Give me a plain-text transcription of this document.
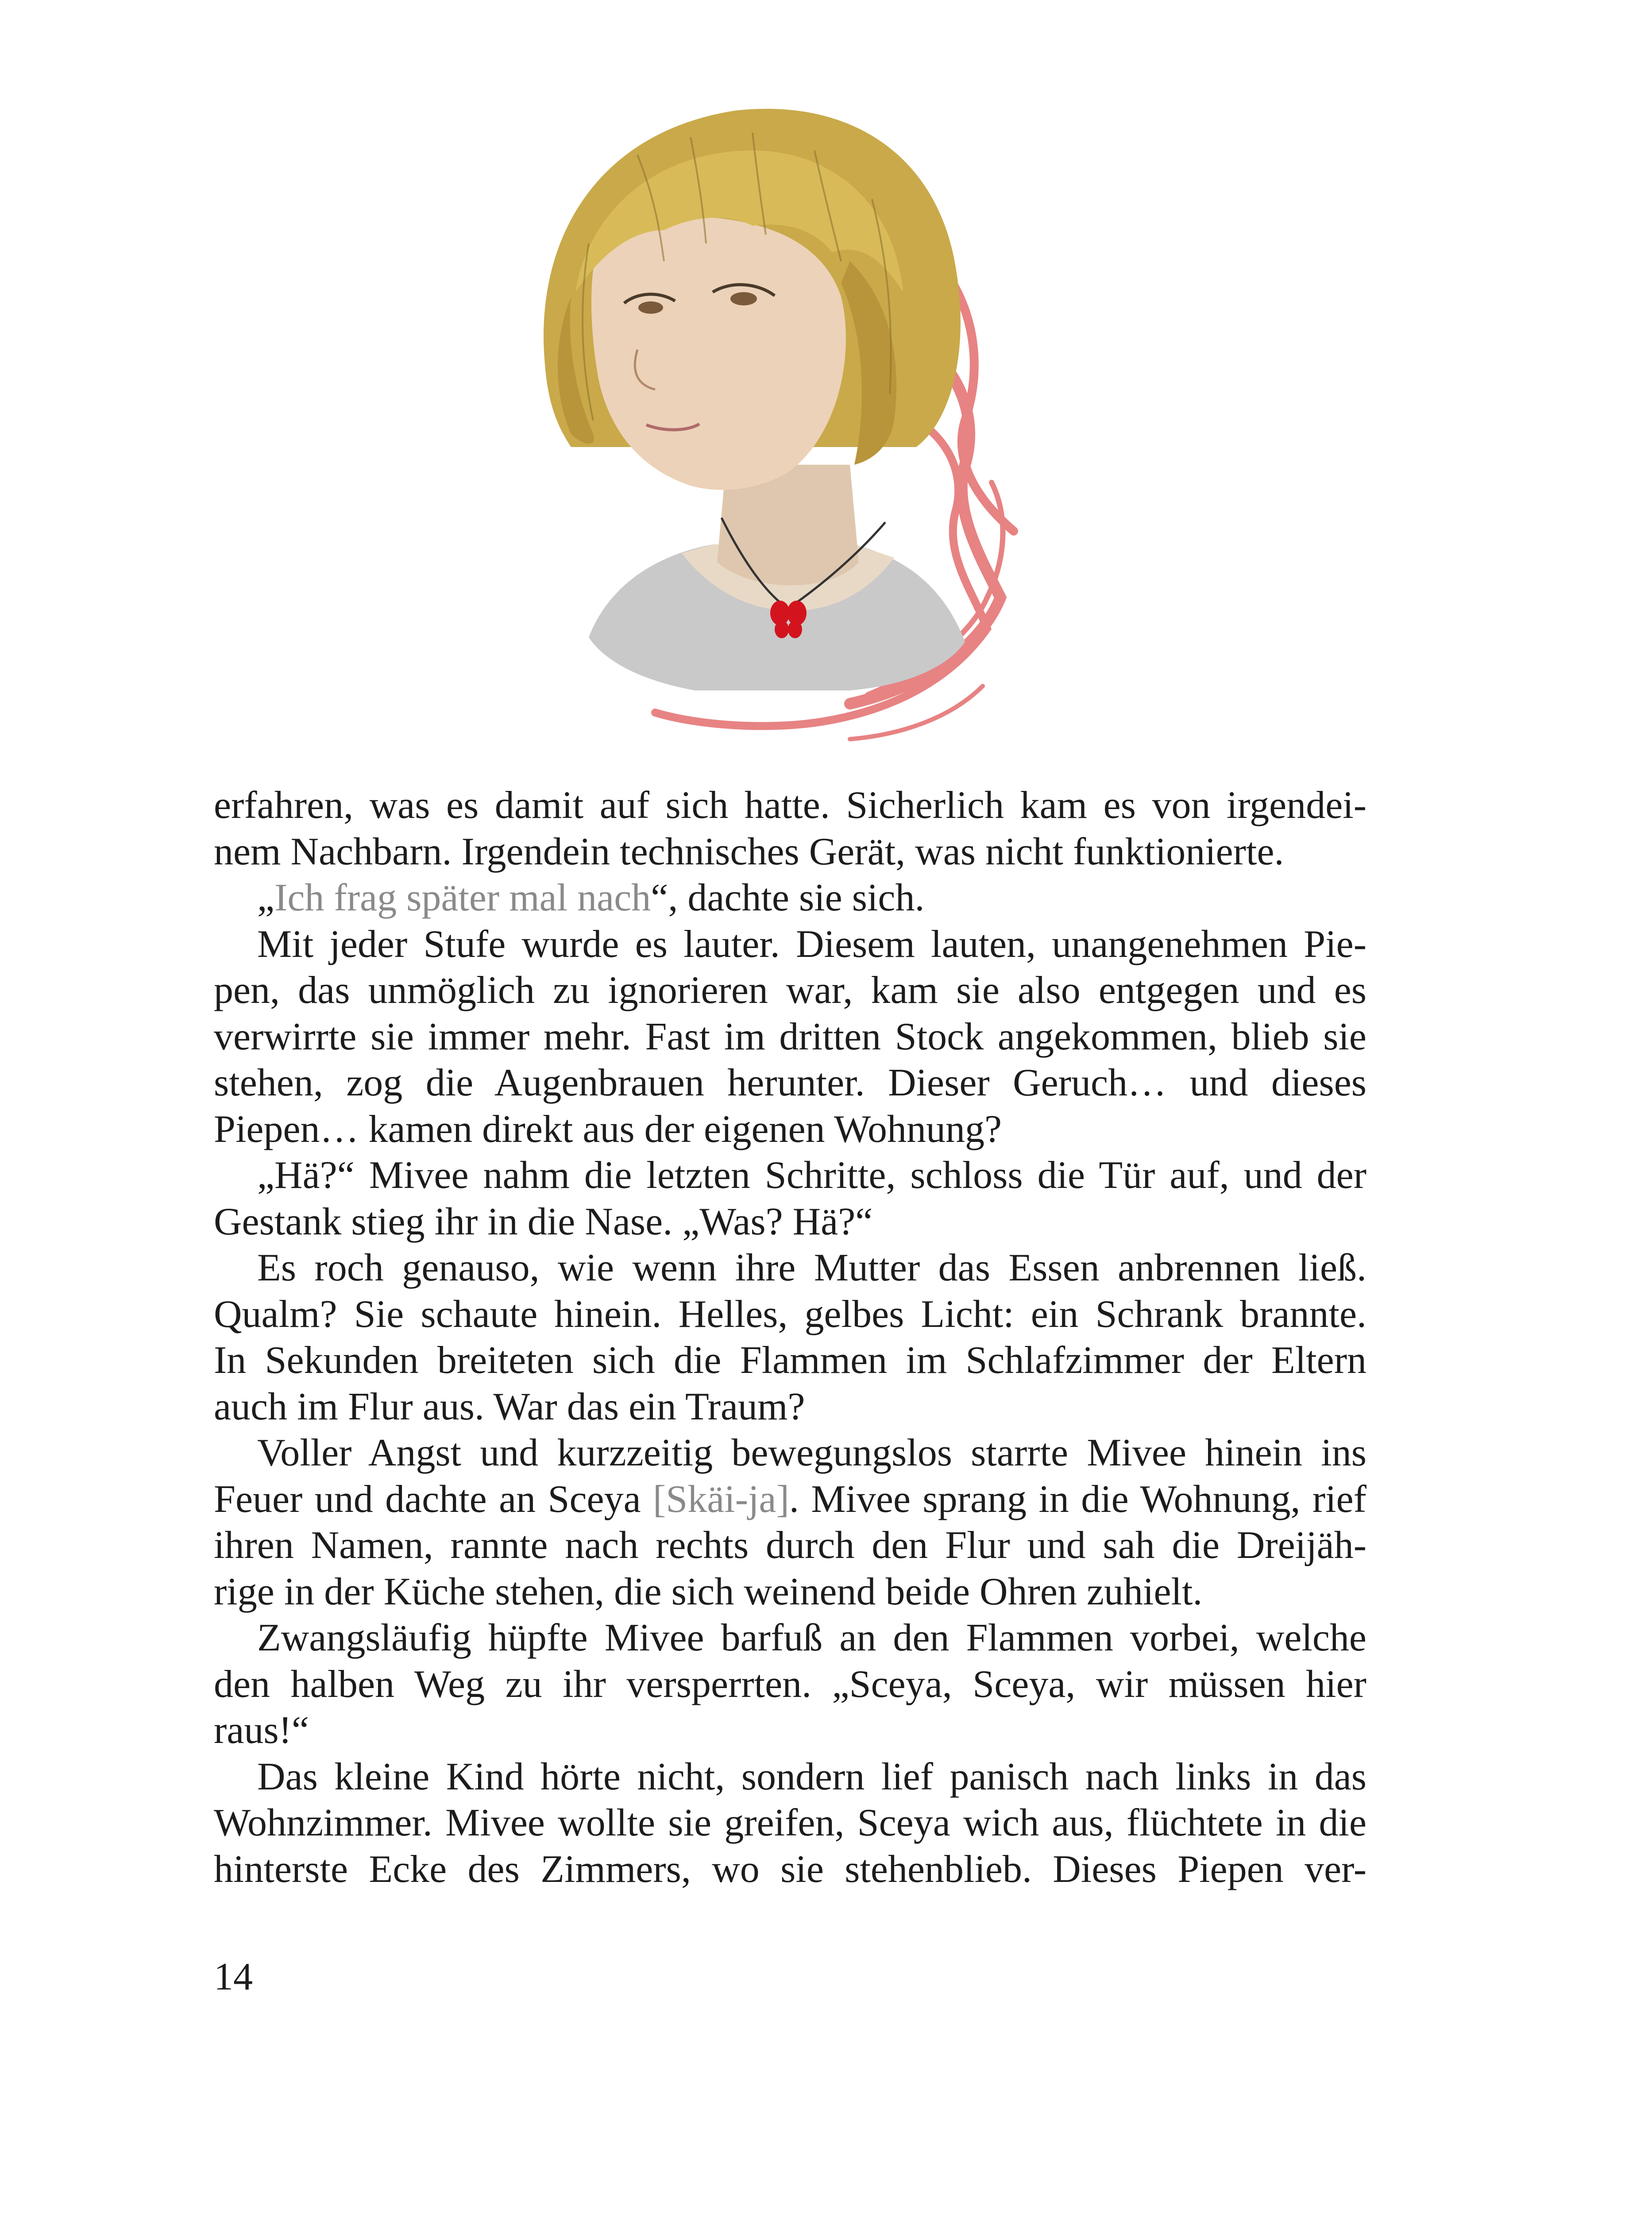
erfahren, was es damit auf sich hatte. Sicherlich kam es von irgendei-
nem Nachbarn. Irgendein technisches Gerät, was nicht funktionierte.
„Ich frag später mal nach“, dachte sie sich.
Mit jeder Stufe wurde es lauter. Diesem lauten, unangenehmen Pie-
pen, das unmöglich zu ignorieren war, kam sie also entgegen und es
verwirrte sie immer mehr. Fast im dritten Stock angekommen, blieb sie
stehen, zog die Augenbrauen herunter. Dieser Geruch… und dieses
Piepen… kamen direkt aus der eigenen Wohnung?
„Hä?“ Mivee nahm die letzten Schritte, schloss die Tür auf, und der
Gestank stieg ihr in die Nase. „Was? Hä?“
Es roch genauso, wie wenn ihre Mutter das Essen anbrennen ließ.
Qualm? Sie schaute hinein. Helles, gelbes Licht: ein Schrank brannte.
In Sekunden breiteten sich die Flammen im Schlafzimmer der Eltern
auch im Flur aus. War das ein Traum?
Voller Angst und kurzzeitig bewegungslos starrte Mivee hinein ins
Feuer und dachte an Sceya [Skäi-ja]. Mivee sprang in die Wohnung, rief
ihren Namen, rannte nach rechts durch den Flur und sah die Dreijäh-
rige in der Küche stehen, die sich weinend beide Ohren zuhielt.
Zwangsläufig hüpfte Mivee barfuß an den Flammen vorbei, welche
den halben Weg zu ihr versperrten. „Sceya, Sceya, wir müssen hier
raus!“
Das kleine Kind hörte nicht, sondern lief panisch nach links in das
Wohnzimmer. Mivee wollte sie greifen, Sceya wich aus, flüchtete in die
hinterste Ecke des Zimmers, wo sie stehenblieb. Dieses Piepen ver-
14
